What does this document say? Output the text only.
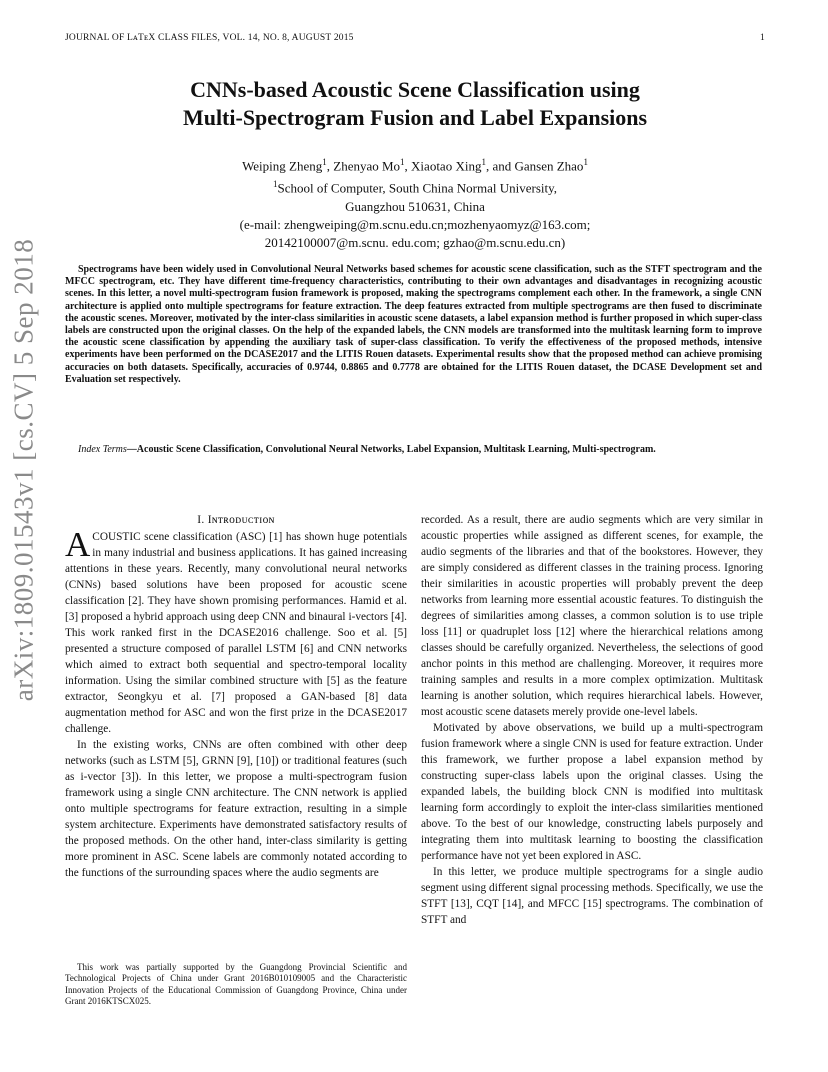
JOURNAL OF LᴀTᴇX CLASS FILES, VOL. 14, NO. 8, AUGUST 2015	1
arXiv:1809.01543v1 [cs.CV] 5 Sep 2018
CNNs-based Acoustic Scene Classification using
Multi-Spectrogram Fusion and Label Expansions
Weiping Zheng$^1$, Zhenyao Mo$^1$, Xiaotao Xing$^1$, and Gansen Zhao$^1$
$^1$School of Computer, South China Normal University,
Guangzhou 510631, China
(e-mail: zhengweiping@m.scnu.edu.cn;mozhenyaomyz@163.com;
20142100007@m.scnu. edu.com; gzhao@m.scnu.edu.cn)
Spectrograms have been widely used in Convolutional Neural Networks based schemes for acoustic scene classification, such as the STFT spectrogram and the MFCC spectrogram, etc. They have different time-frequency characteristics, contributing to their own advantages and disadvantages in recognizing acoustic scenes. In this letter, a novel multi-spectrogram fusion framework is proposed, making the spectrograms complement each other. In the framework, a single CNN architecture is applied onto multiple spectrograms for feature extraction. The deep features extracted from multiple spectrograms are then fused to discriminate the acoustic scenes. Moreover, motivated by the inter-class similarities in acoustic scene datasets, a label expansion method is further proposed in which super-class labels are constructed upon the original classes. On the help of the expanded labels, the CNN models are transformed into the multitask learning form to improve the acoustic scene classification by appending the auxiliary task of super-class classification. To verify the effectiveness of the proposed methods, intensive experiments have been performed on the DCASE2017 and the LITIS Rouen datasets. Experimental results show that the proposed method can achieve promising accuracies on both datasets. Specifically, accuracies of 0.9744, 0.8865 and 0.7778 are obtained for the LITIS Rouen dataset, the DCASE Development set and Evaluation set respectively.
Index Terms—Acoustic Scene Classification, Convolutional Neural Networks, Label Expansion, Multitask Learning, Multi-spectrogram.
I. Iɴᴛʀᴏᴅᴜᴄᴛɪᴏɴ

ACOUSTIC scene classification (ASC) [1] has shown huge potentials in many industrial and business applications. It has gained increasing attentions in these years. Recently, many convolutional neural networks (CNNs) based solutions have been proposed for acoustic scene classification [2]. They have shown promising performances. Hamid et al. [3] proposed a hybrid approach using deep CNN and binaural i-vectors [4]. This work ranked first in the DCASE2016 challenge. Soo et al. [5] presented a structure composed of parallel LSTM [6] and CNN networks which aimed to extract both sequential and spectro-temporal locality information. Using the similar combined structure with [5] as the feature extractor, Seongkyu et al. [7] proposed a GAN-based [8] data augmentation method for ASC and won the first prize in the DCASE2017 challenge.

In the existing works, CNNs are often combined with other deep networks (such as LSTM [5], GRNN [9], [10]) or traditional features (such as i-vector [3]). In this letter, we propose a multi-spectrogram fusion framework using a single CNN architecture. The CNN network is applied onto multiple spectrograms for feature extraction, resulting in a simple system architecture. Experiments have demonstrated satisfactory results of the proposed methods. On the other hand, inter-class similarity is getting more prominent in ASC. Scene labels are commonly notated according to the functions of the surrounding spaces where the audio segments are

recorded. As a result, there are audio segments which are very similar in acoustic properties while assigned as different scenes, for example, the audio segments of the libraries and that of the bookstores. However, they are simply considered as different classes in the training process. Ignoring their similarities in acoustic properties will probably prevent the deep networks from learning more essential acoustic features. To distinguish the degrees of similarities among classes, a common solution is to use triple loss [11] or quadruplet loss [12] where the hierarchical relations among classes should be carefully organized. Nevertheless, the selections of good anchor points in this method are challenging. Moreover, it requires more training samples and results in a more complex optimization. Multitask learning is another solution, which requires hierarchical labels. However, most acoustic scene datasets merely provide one-level labels.

Motivated by above observations, we build up a multi-spectrogram fusion framework where a single CNN is used for feature extraction. Under this framework, we further propose a label expansion method by constructing super-class labels upon the original classes. Using the expanded labels, the building block CNN is modified into multitask learning form accordingly to exploit the inter-class similarities mentioned above. To the best of our knowledge, constructing labels purposely and integrating them into multitask learning to boosting the classification performance have not yet been explored in ASC.

In this letter, we produce multiple spectrograms for a single audio segment using different signal processing methods. Specifically, we use the STFT [13], CQT [14], and MFCC [15] spectrograms. The combination of STFT and

This work was partially supported by the Guangdong Provincial Scientific and Technological Projects of China under Grant 2016B010109005 and the Characteristic Innovation Projects of the Educational Commission of Guangdong Province, China under Grant 2016KTSCX025.
